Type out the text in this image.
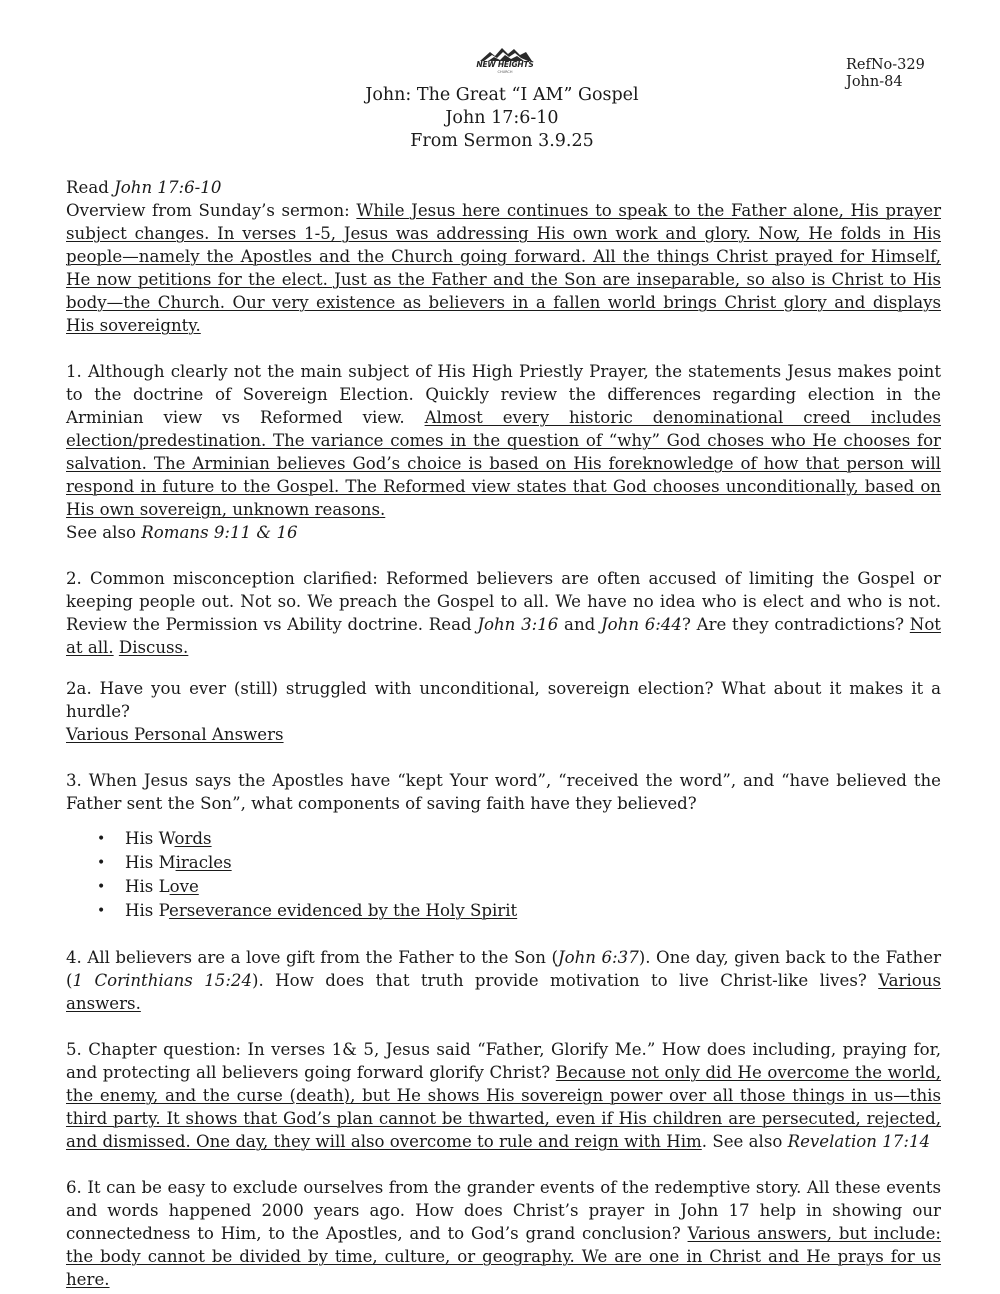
NEW HEIGHTS
CHURCH	RefNo-329
John-84
John: The Great “I AM” Gospel
John 17:6-10
From Sermon 3.9.25

Read John 17:6-10
Overview from Sunday’s sermon: While Jesus here continues to speak to the Father alone, His prayer subject changes. In verses 1-5, Jesus was addressing His own work and glory. Now, He folds in His people—namely the Apostles and the Church going forward. All the things Christ prayed for Himself, He now petitions for the elect. Just as the Father and the Son are inseparable, so also is Christ to His body—the Church. Our very existence as believers in a fallen world brings Christ glory and displays His sovereignty.

1. Although clearly not the main subject of His High Priestly Prayer, the statements Jesus makes point to the doctrine of Sovereign Election. Quickly review the differences regarding election in the Arminian view vs Reformed view. Almost every historic denominational creed includes election/predestination. The variance comes in the question of “why” God choses who He chooses for salvation. The Arminian believes God’s choice is based on His foreknowledge of how that person will respond in future to the Gospel. The Reformed view states that God chooses unconditionally, based on His own sovereign, unknown reasons.
See also Romans 9:11 & 16

2. Common misconception clarified: Reformed believers are often accused of limiting the Gospel or keeping people out. Not so. We preach the Gospel to all. We have no idea who is elect and who is not. Review the Permission vs Ability doctrine. Read John 3:16 and John 6:44? Are they contradictions? Not at all. Discuss.

2a. Have you ever (still) struggled with unconditional, sovereign election? What about it makes it a hurdle?
Various Personal Answers

3. When Jesus says the Apostles have “kept Your word”, “received the word”, and “have believed the Father sent the Son”, what components of saving faith have they believed?

• His Words
• His Miracles
• His Love
• His Perseverance evidenced by the Holy Spirit

4. All believers are a love gift from the Father to the Son (John 6:37). One day, given back to the Father (1 Corinthians 15:24). How does that truth provide motivation to live Christ-like lives? Various answers.

5. Chapter question: In verses 1& 5, Jesus said “Father, Glorify Me.” How does including, praying for, and protecting all believers going forward glorify Christ? Because not only did He overcome the world, the enemy, and the curse (death), but He shows His sovereign power over all those things in us—this third party. It shows that God’s plan cannot be thwarted, even if His children are persecuted, rejected, and dismissed. One day, they will also overcome to rule and reign with Him. See also Revelation 17:14

6. It can be easy to exclude ourselves from the grander events of the redemptive story. All these events and words happened 2000 years ago. How does Christ’s prayer in John 17 help in showing our connectedness to Him, to the Apostles, and to God’s grand conclusion? Various answers, but include: the body cannot be divided by time, culture, or geography. We are one in Christ and He prays for us here.
